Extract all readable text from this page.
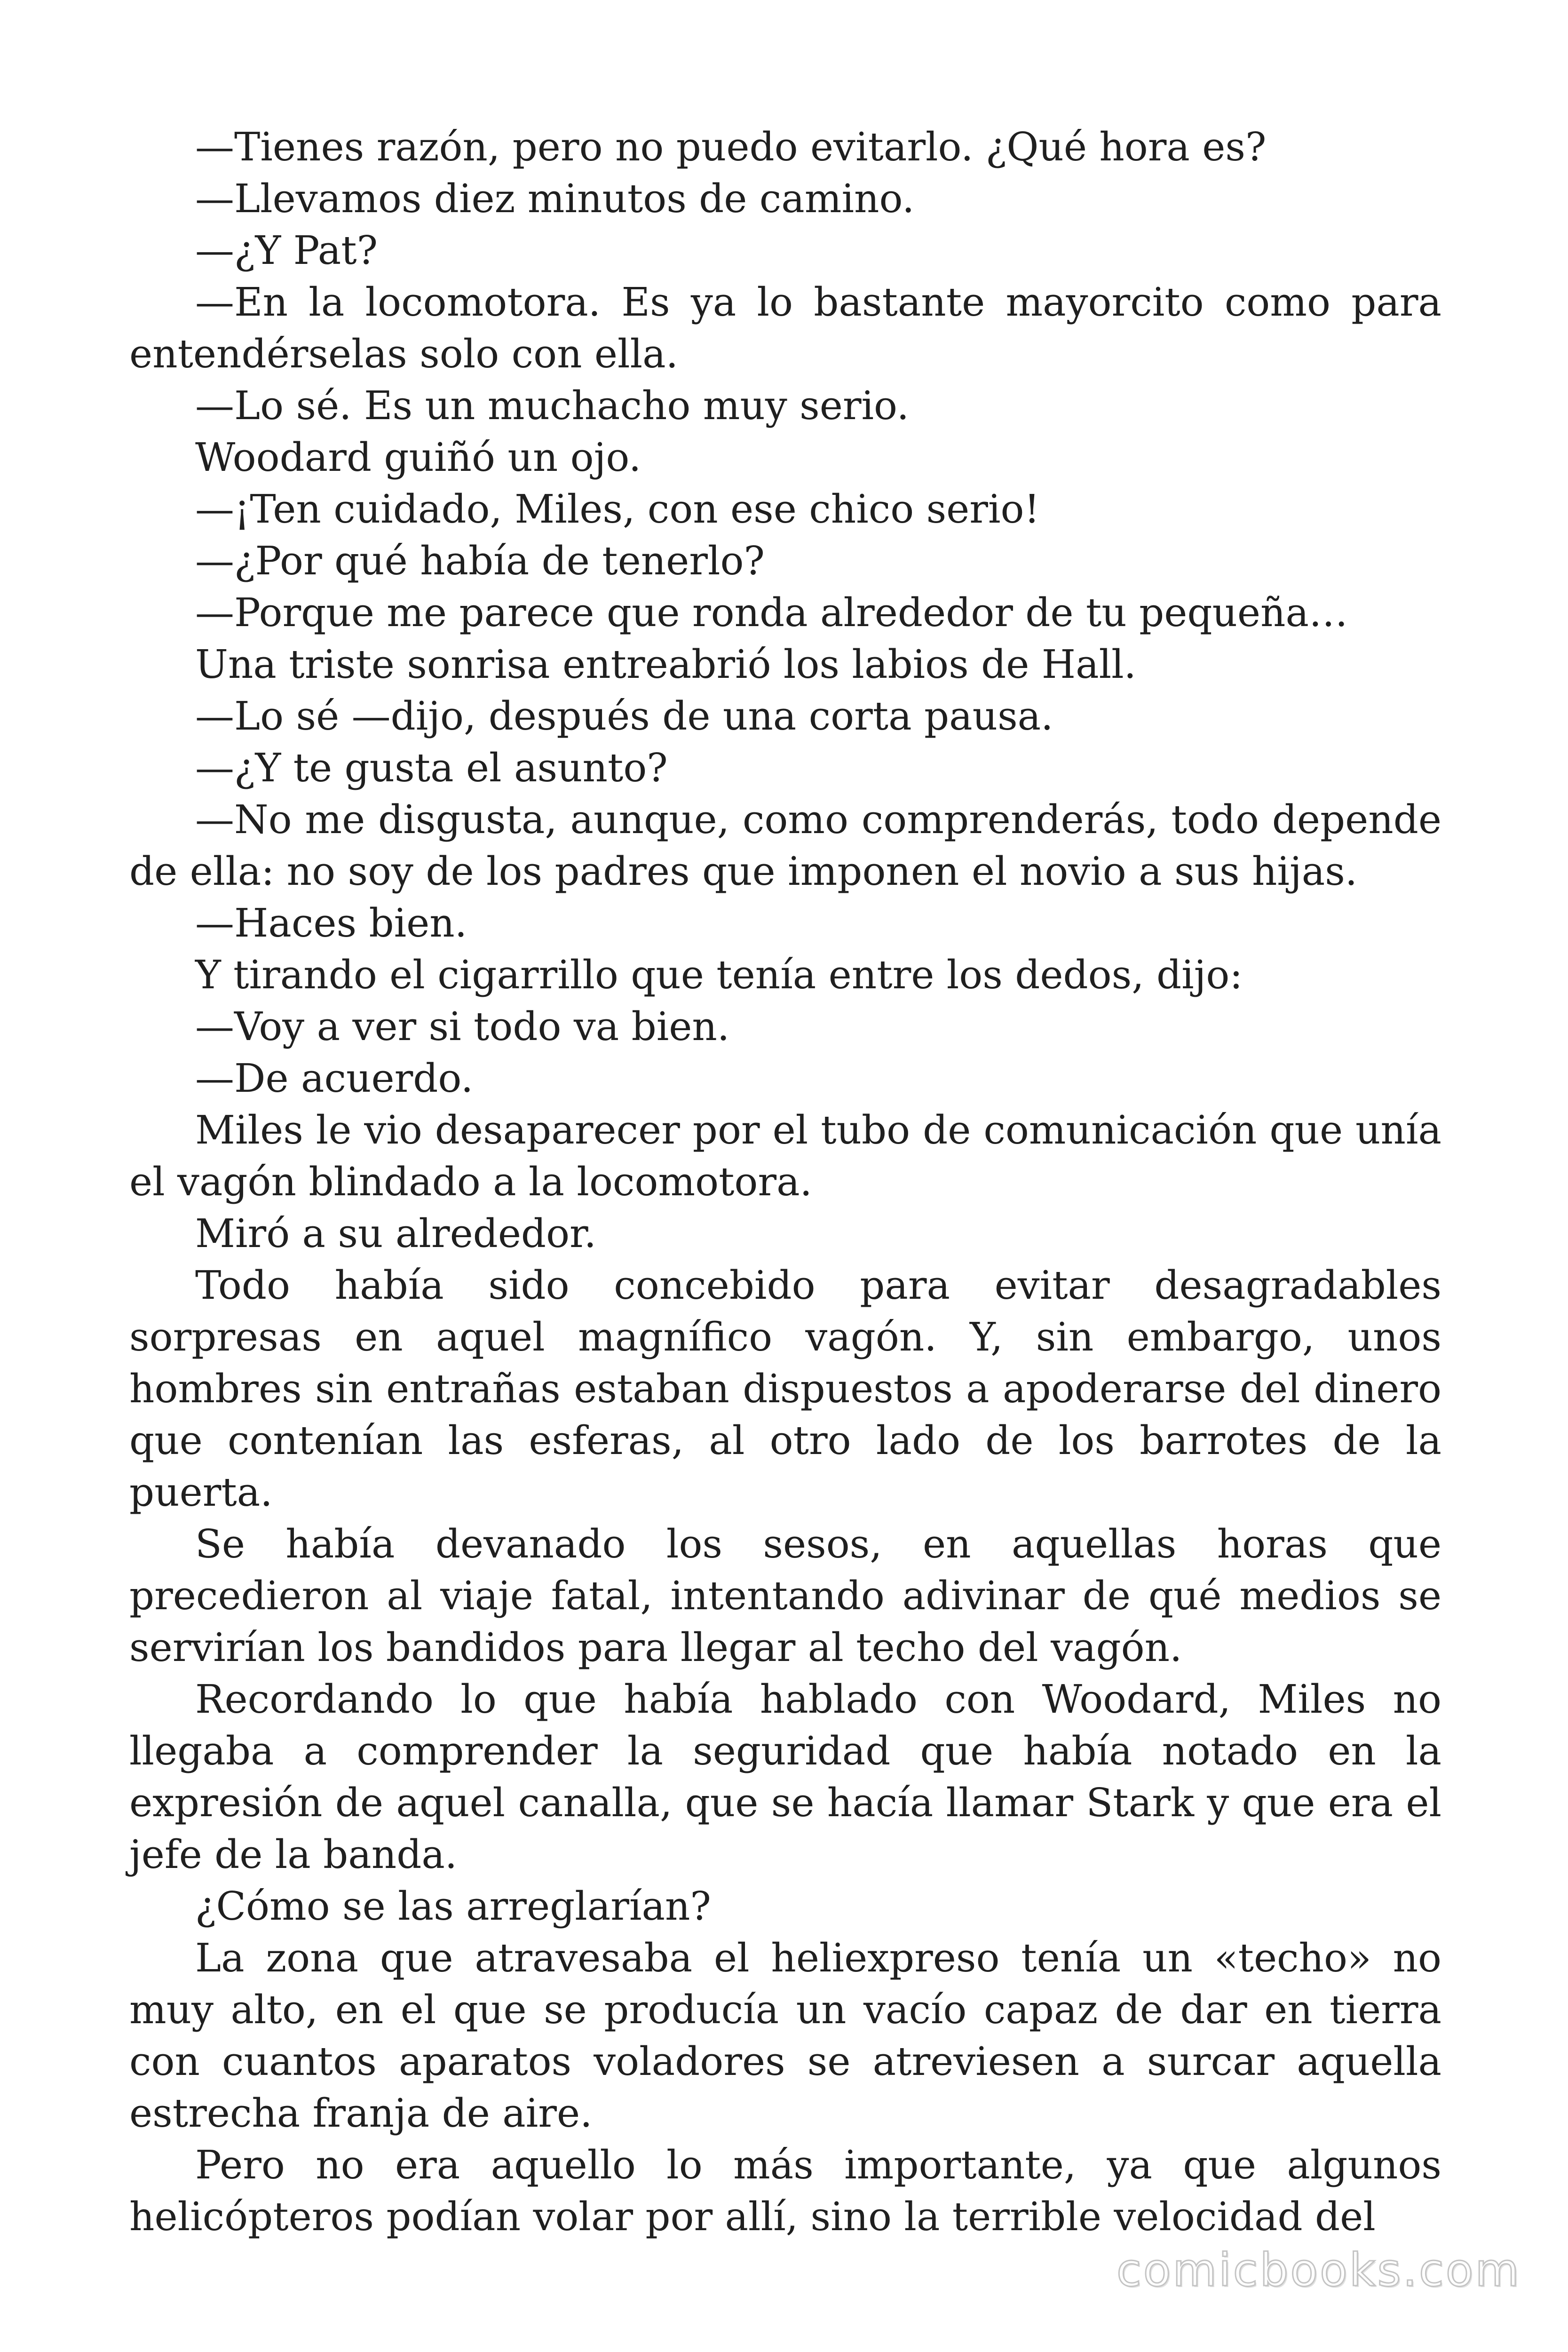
—Tienes razón, pero no puedo evitarlo. ¿Qué hora es?

—Llevamos diez minutos de camino.

—¿Y Pat?

—En la locomotora. Es ya lo bastante mayorcito como para entendérselas solo con ella.

—Lo sé. Es un muchacho muy serio.

Woodard guiñó un ojo.

—¡Ten cuidado, Miles, con ese chico serio!

—¿Por qué había de tenerlo?

—Porque me parece que ronda alrededor de tu pequeña…

Una triste sonrisa entreabrió los labios de Hall.

—Lo sé —dijo, después de una corta pausa.

—¿Y te gusta el asunto?

—No me disgusta, aunque, como comprenderás, todo depende de ella: no soy de los padres que imponen el novio a sus hijas.

—Haces bien.

Y tirando el cigarrillo que tenía entre los dedos, dijo:

—Voy a ver si todo va bien.

—De acuerdo.

Miles le vio desaparecer por el tubo de comunicación que unía el vagón blindado a la locomotora.

Miró a su alrededor.

Todo había sido concebido para evitar desagradables sorpresas en aquel magnífico vagón. Y, sin embargo, unos hombres sin entrañas estaban dispuestos a apoderarse del dinero que contenían las esferas, al otro lado de los barrotes de la puerta.

Se había devanado los sesos, en aquellas horas que precedieron al viaje fatal, intentando adivinar de qué medios se servirían los bandidos para llegar al techo del vagón.

Recordando lo que había hablado con Woodard, Miles no llegaba a comprender la seguridad que había notado en la expresión de aquel canalla, que se hacía llamar Stark y que era el jefe de la banda.

¿Cómo se las arreglarían?

La zona que atravesaba el heliexpreso tenía un «techo» no muy alto, en el que se producía un vacío capaz de dar en tierra con cuantos aparatos voladores se atreviesen a surcar aquella estrecha franja de aire.

Pero no era aquello lo más importante, ya que algunos helicópteros podían volar por allí, sino la terrible velocidad del

comicbooks.com
